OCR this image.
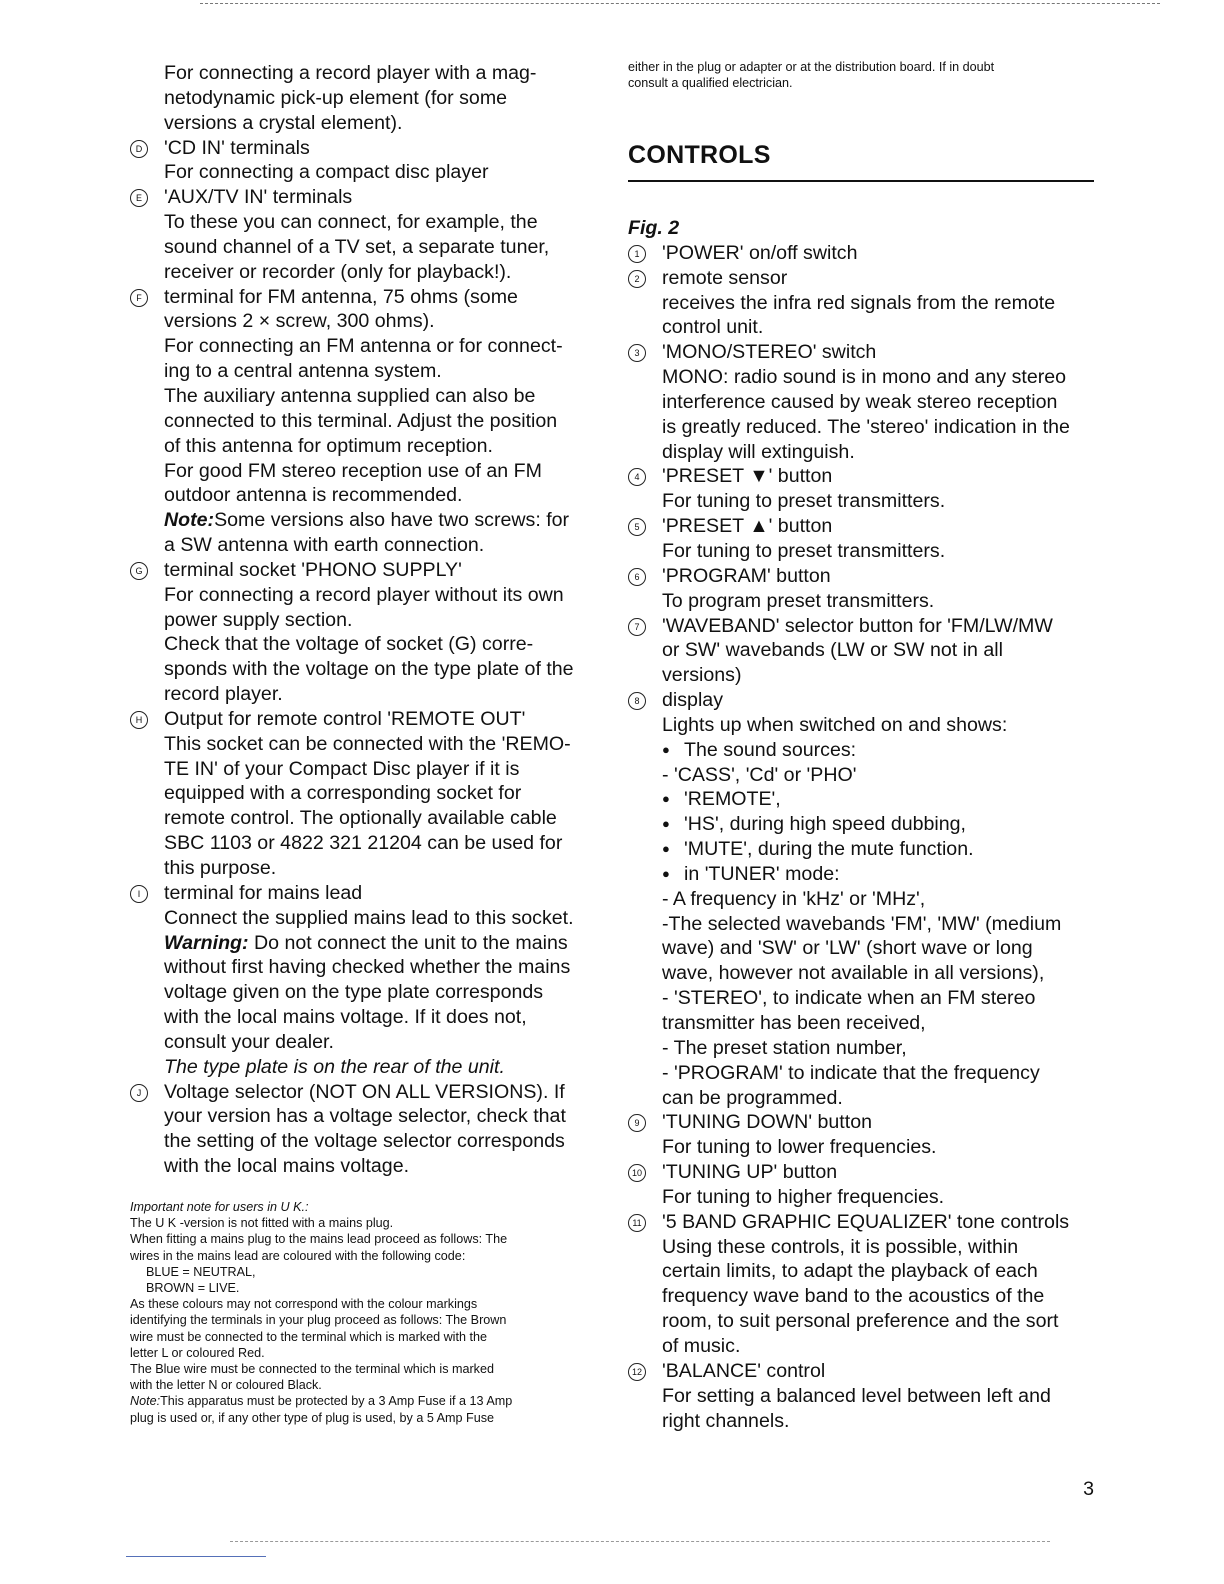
For connecting a record player with a mag-

netodynamic pick-up element (for some

versions a crystal element).

D 'CD IN' terminals

For connecting a compact disc player

E	'AUX/TV IN' terminals

To these you can connect, for example, the

sound channel of a TV set, a separate tuner,

receiver or recorder (only for playback!).

F	terminal for FM antenna, 75 ohms (some

versions 2 × screw, 300 ohms).

For connecting an FM antenna or for connect-

ing to a central antenna system.

The auxiliary antenna supplied can also be

connected to this terminal. Adjust the position

of this antenna for optimum reception.

For good FM stereo reception use of an FM

outdoor antenna is recommended.

Note:Some versions also have two screws: for

a SW antenna with earth connection.

G terminal socket 'PHONO SUPPLY'

For connecting a record player without its own

power supply section.

Check that the voltage of socket (G) corre-

sponds with the voltage on the type plate of the

record player.

H Output for remote control 'REMOTE OUT'

This socket can be connected with the 'REMO-

TE IN' of your Compact Disc player if it is

equipped with a corresponding socket for

remote control. The optionally available cable

SBC 1103 or 4822 321 21204 can be used for

this purpose.

I	terminal for mains lead

Connect the supplied mains lead to this socket.

Warning: Do not connect the unit to the mains

without first having checked whether the mains

voltage given on the type plate corresponds

with the local mains voltage. If it does not,

consult your dealer.

The type plate is on the rear of the unit.

J	Voltage selector (NOT ON ALL VERSIONS). If

your version has a voltage selector, check that

the setting of the voltage selector corresponds

with the local mains voltage.

Important note for users in U K.:

The U K -version is not fitted with a mains plug.

When fitting a mains plug to the mains lead proceed as follows: The

wires in the mains lead are coloured with the following code:

BLUE = NEUTRAL,

BROWN = LIVE.

As these colours may not correspond with the colour markings

identifying the terminals in your plug proceed as follows: The Brown

wire must be connected to the terminal which is marked with the

letter L or coloured Red.

The Blue wire must be connected to the terminal which is marked

with the letter N or coloured Black.

Note:This apparatus must be protected by a 3 Amp Fuse if a 13 Amp

plug is used or, if any other type of plug is used, by a 5 Amp Fuse

either in the plug or adapter or at the distribution board. If in doubt

consult a qualified electrician.

CONTROLS

Fig. 2

1	'POWER' on/off switch

2	remote sensor

receives the infra red signals from the remote

control unit.

3	'MONO/STEREO' switch

MONO: radio sound is in mono and any stereo

interference caused by weak stereo reception

is greatly reduced. The 'stereo' indication in the

display will extinguish.

4	'PRESET ▼' button

For tuning to preset transmitters.

5	'PRESET ▲' button

For tuning to preset transmitters.

6	'PROGRAM' button

To program preset transmitters.

7	'WAVEBAND' selector button for 'FM/LW/MW

or SW' wavebands (LW or SW not in all

versions)

8	display

Lights up when switched on and shows:

● The sound sources:

- 'CASS', 'Cd' or 'PHO'

● 'REMOTE',
● 'HS', during high speed dubbing,
● 'MUTE', during the mute function.
● in 'TUNER' mode:

- A frequency in 'kHz' or 'MHz',

-The selected wavebands 'FM', 'MW' (medium

wave) and 'SW' or 'LW' (short wave or long

wave, however not available in all versions),

- 'STEREO', to indicate when an FM stereo

transmitter has been received,

- The preset station number,

- 'PROGRAM' to indicate that the frequency

can be programmed.

9	'TUNING DOWN' button

For tuning to lower frequencies.

10 'TUNING UP' button

For tuning to higher frequencies.

11 '5 BAND GRAPHIC EQUALIZER' tone controls

Using these controls, it is possible, within

certain limits, to adapt the playback of each

frequency wave band to the acoustics of the

room, to suit personal preference and the sort

of music.

12 'BALANCE' control

For setting a balanced level between left and

right channels.

3
